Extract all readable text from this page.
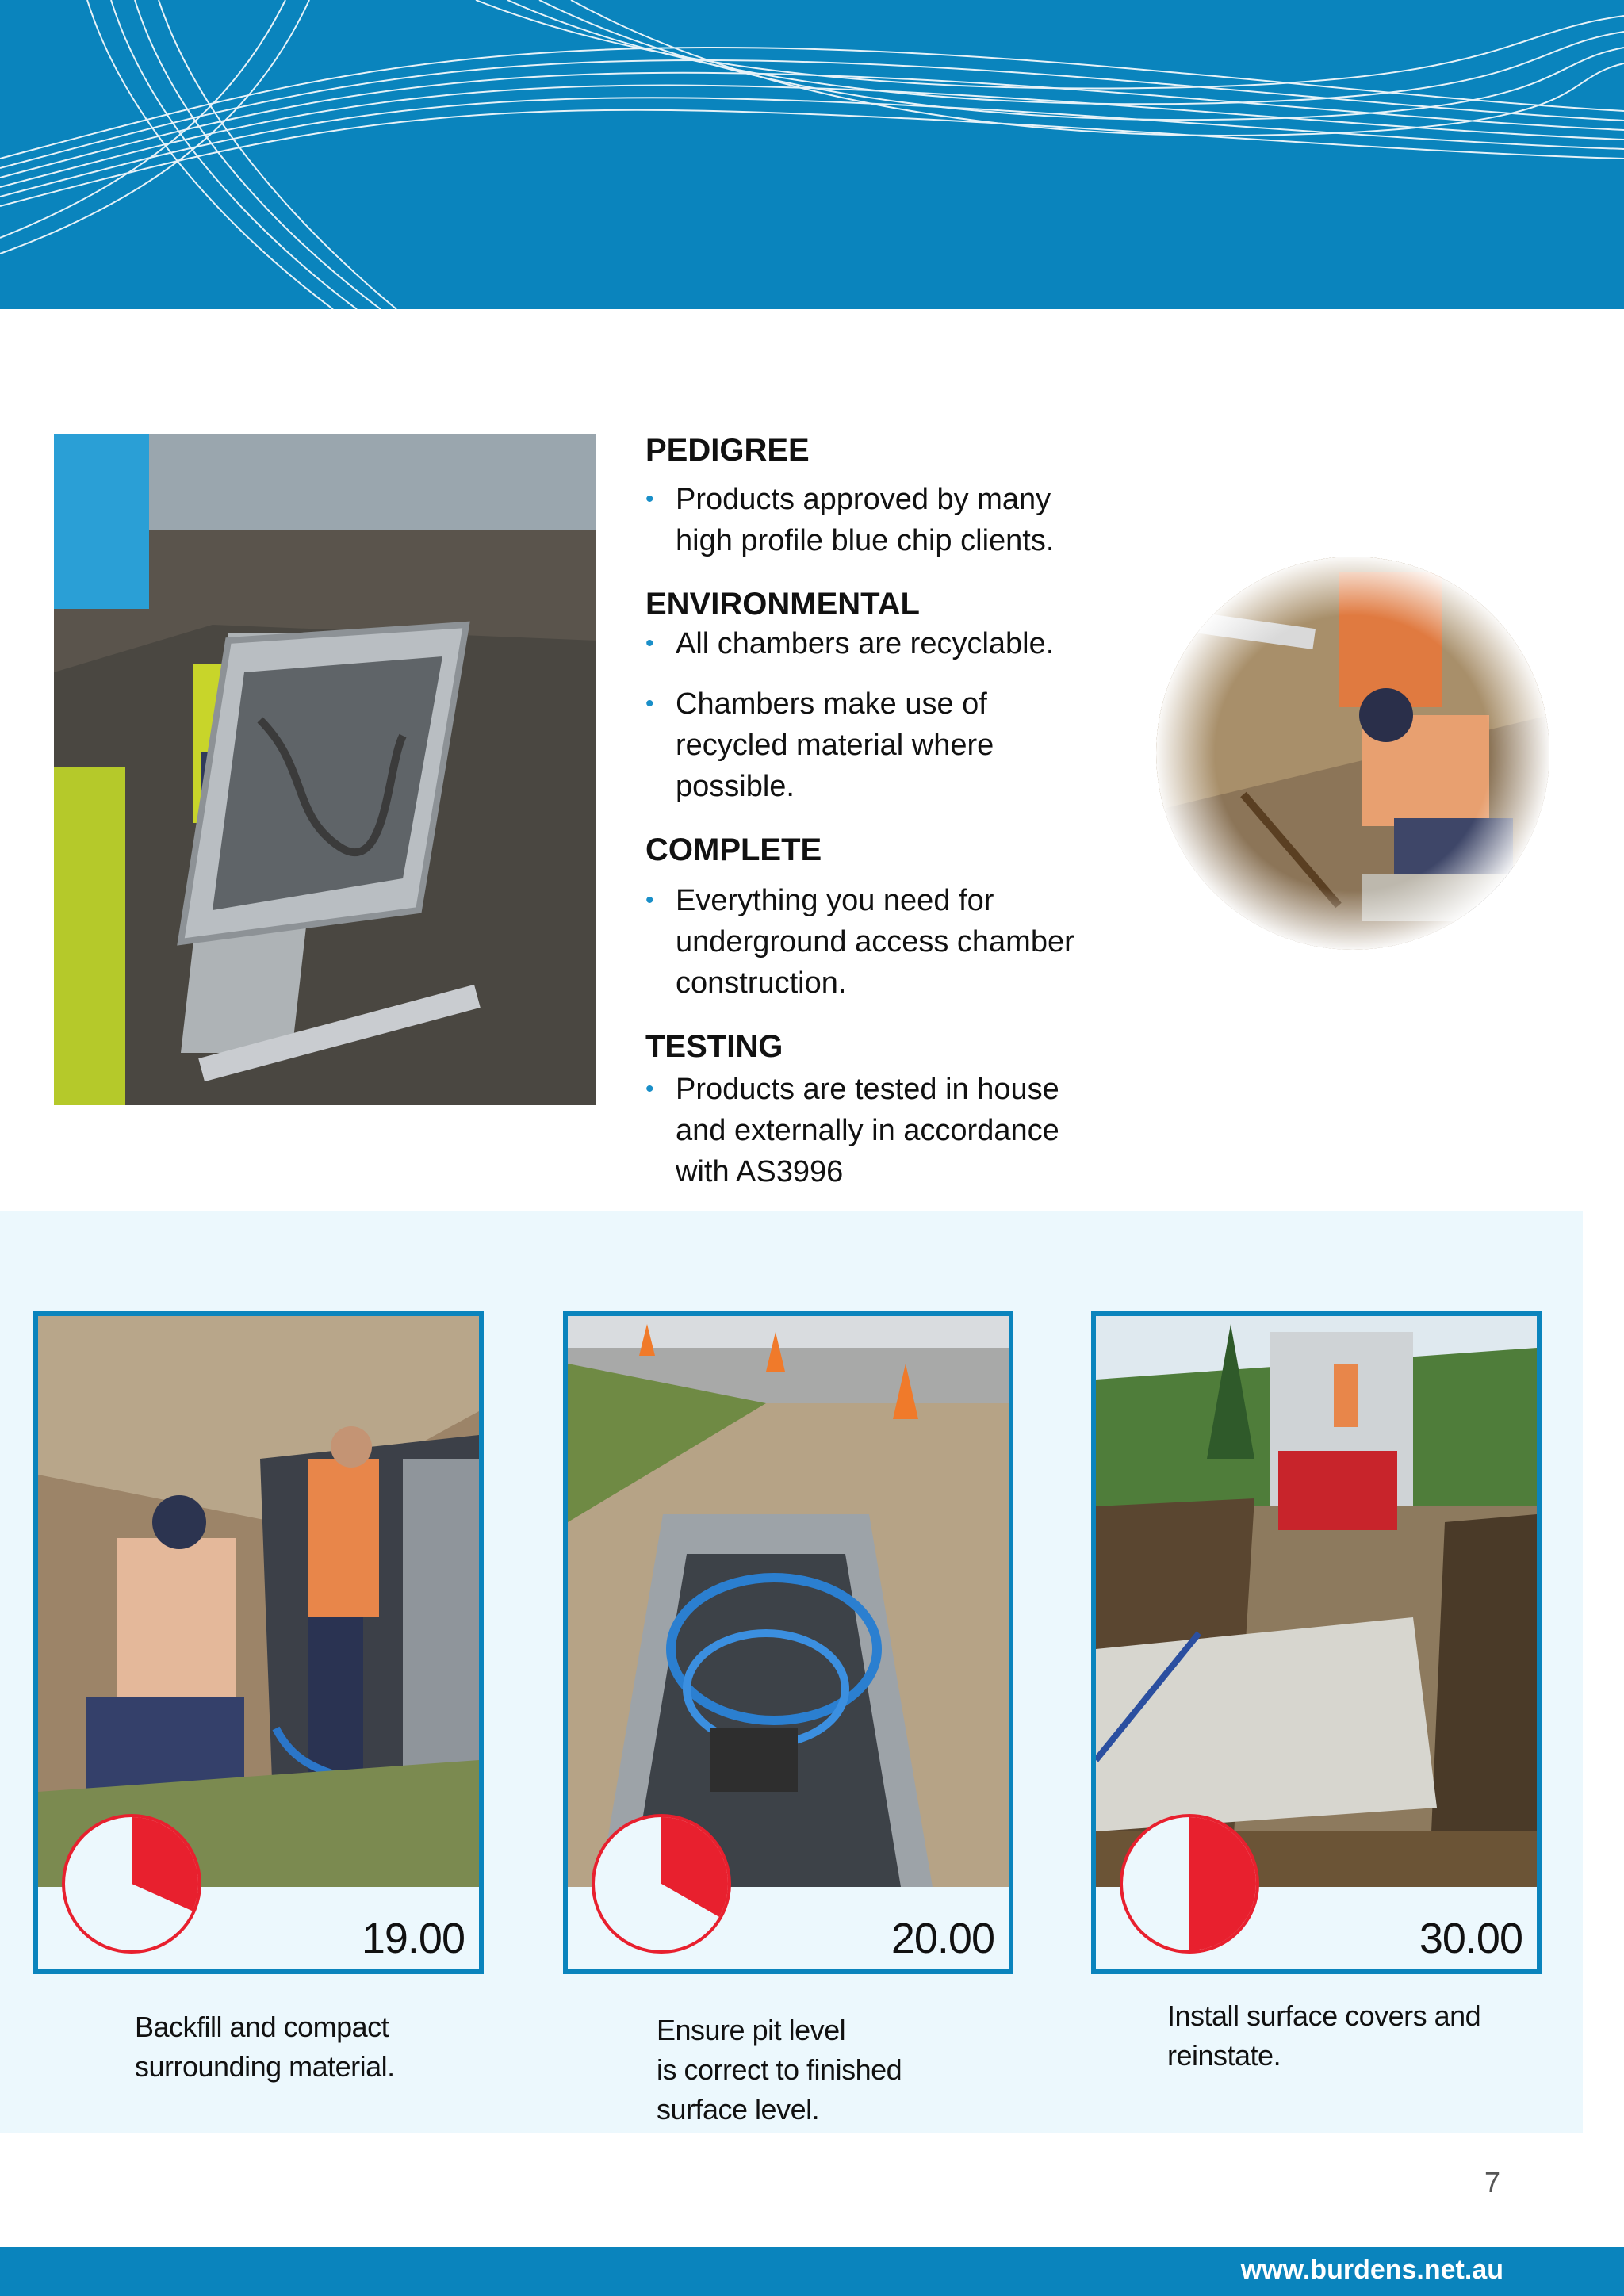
PEDIGREE
• Products approved by many
high profile blue chip clients.
ENVIRONMENTAL
• All chambers are recyclable.
• Chambers make use of
recycled material where
possible.
COMPLETE
• Everything you need for
underground access chamber
construction.
TESTING
• Products are tested in house
and externally in accordance
with AS3996
19.00	20.00	30.00
Backfill and compact
surrounding material.
Ensure pit level
is correct to finished
surface level.
Install surface covers and
reinstate.
7
www.burdens.net.au
